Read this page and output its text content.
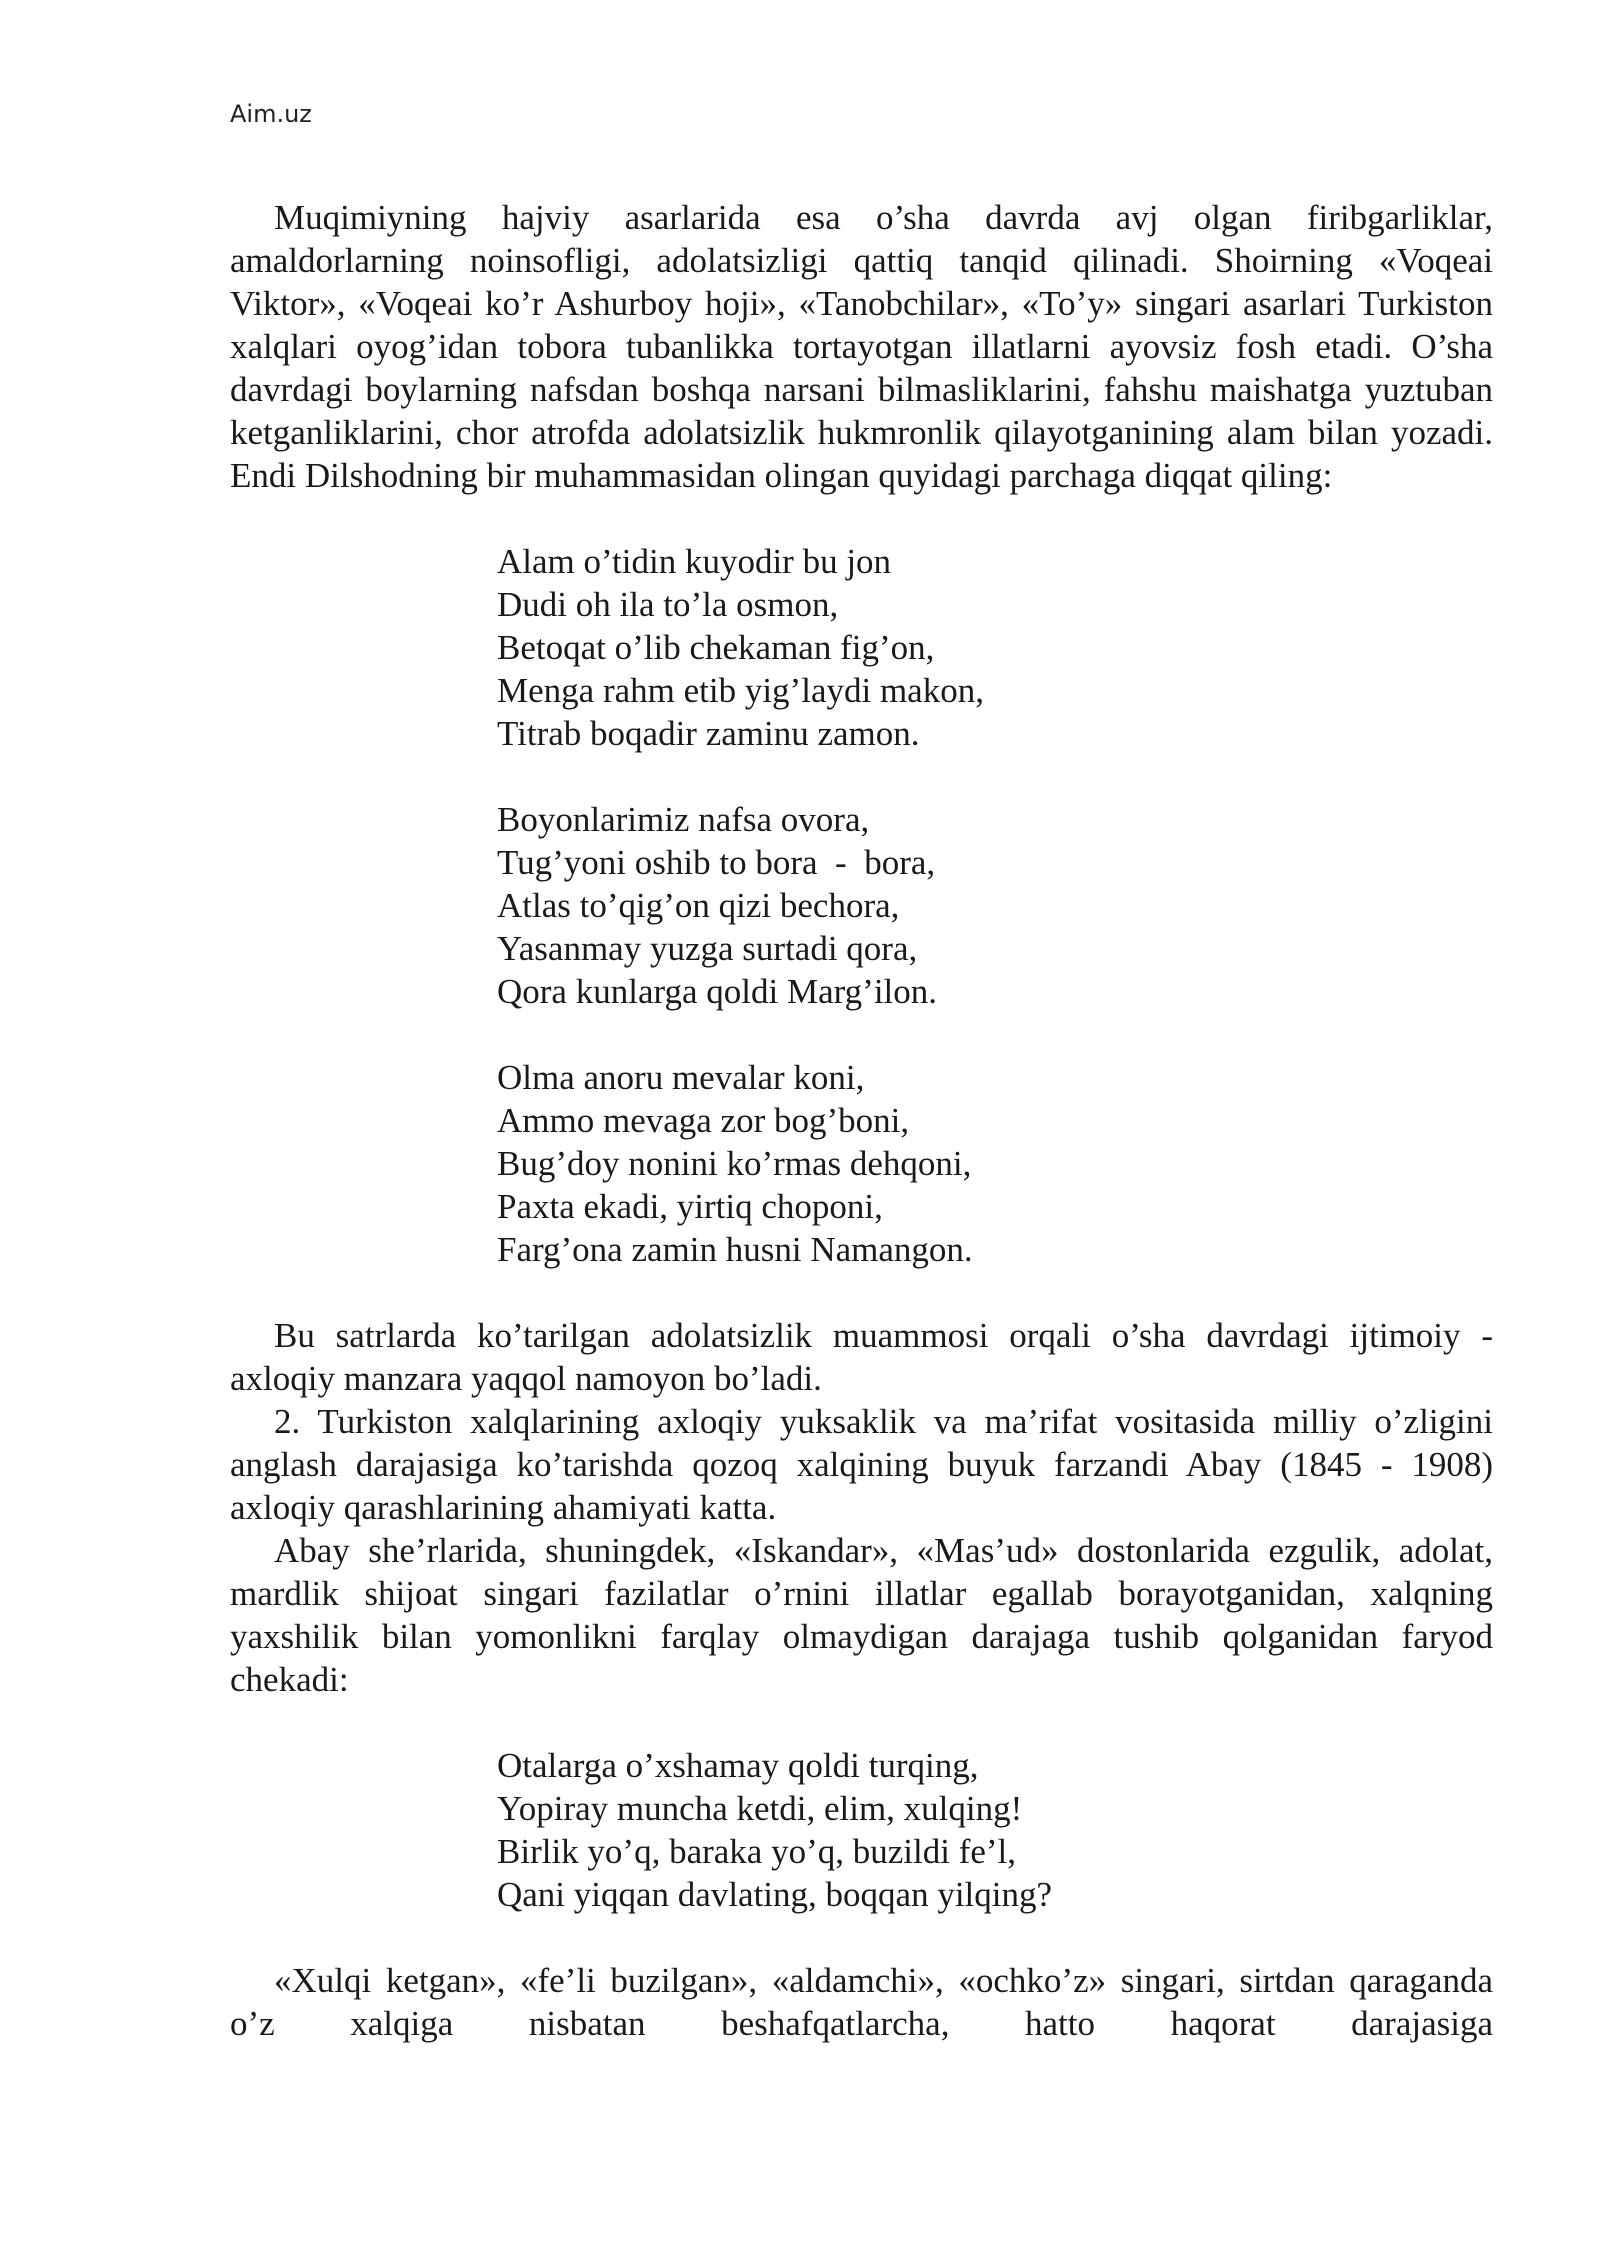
Aim.uz

Muqimiyning hajviy asarlarida esa o’sha davrda avj olgan firibgarliklar, amaldorlarning noinsofligi, adolatsizligi qattiq tanqid qilinadi. Shoirning «Voqeai Viktor», «Voqeai ko’r Ashurboy hoji», «Tanobchilar», «To’y» singari asarlari Turkiston xalqlari oyog’idan tobora tubanlikka tortayotgan illatlarni ayovsiz fosh etadi. O’sha davrdagi boylarning nafsdan boshqa narsani bilmasliklarini, fahshu maishatga yuztuban ketganliklarini, chor atrofda adolatsizlik hukmronlik qilayotganining alam bilan yozadi. Endi Dilshodning bir muhammasidan olingan quyidagi parchaga diqqat qiling:

Alam o’tidin kuyodir bu jon
Dudi oh ila to’la osmon,
Betoqat o’lib chekaman fig’on,
Menga rahm etib yig’laydi makon,
Titrab boqadir zaminu zamon.
Boyonlarimiz nafsa ovora,
Tug’yoni oshib to bora  -  bora,
Atlas to’qig’on qizi bechora,
Yasanmay yuzga surtadi qora,
Qora kunlarga qoldi Marg’ilon.
Olma anoru mevalar koni,
Ammo mevaga zor bog’boni,
Bug’doy nonini ko’rmas dehqoni,
Paxta ekadi, yirtiq choponi,
Farg’ona zamin husni Namangon.

Bu satrlarda ko’tarilgan adolatsizlik muammosi orqali o’sha davrdagi ijtimoiy - axloqiy manzara yaqqol namoyon bo’ladi.

2. Turkiston xalqlarining axloqiy yuksaklik va ma’rifat vositasida milliy o’zligini anglash darajasiga ko’tarishda qozoq xalqining buyuk farzandi Abay (1845 - 1908) axloqiy qarashlarining ahamiyati katta.

Abay she’rlarida, shuningdek, «Iskandar», «Mas’ud» dostonlarida ezgulik, adolat, mardlik shijoat singari fazilatlar o’rnini illatlar egallab borayotganidan, xalqning yaxshilik bilan yomonlikni farqlay olmaydigan darajaga tushib qolganidan faryod chekadi:

Otalarga o’xshamay qoldi turqing,
Yopiray muncha ketdi, elim, xulqing!
Birlik yo’q, baraka yo’q, buzildi fe’l,
Qani yiqqan davlating, boqqan yilqing?

«Xulqi ketgan», «fe’li buzilgan», «aldamchi», «ochko’z» singari, sirtdan qaraganda o’z xalqiga nisbatan beshafqatlarcha, hatto haqorat darajasiga
